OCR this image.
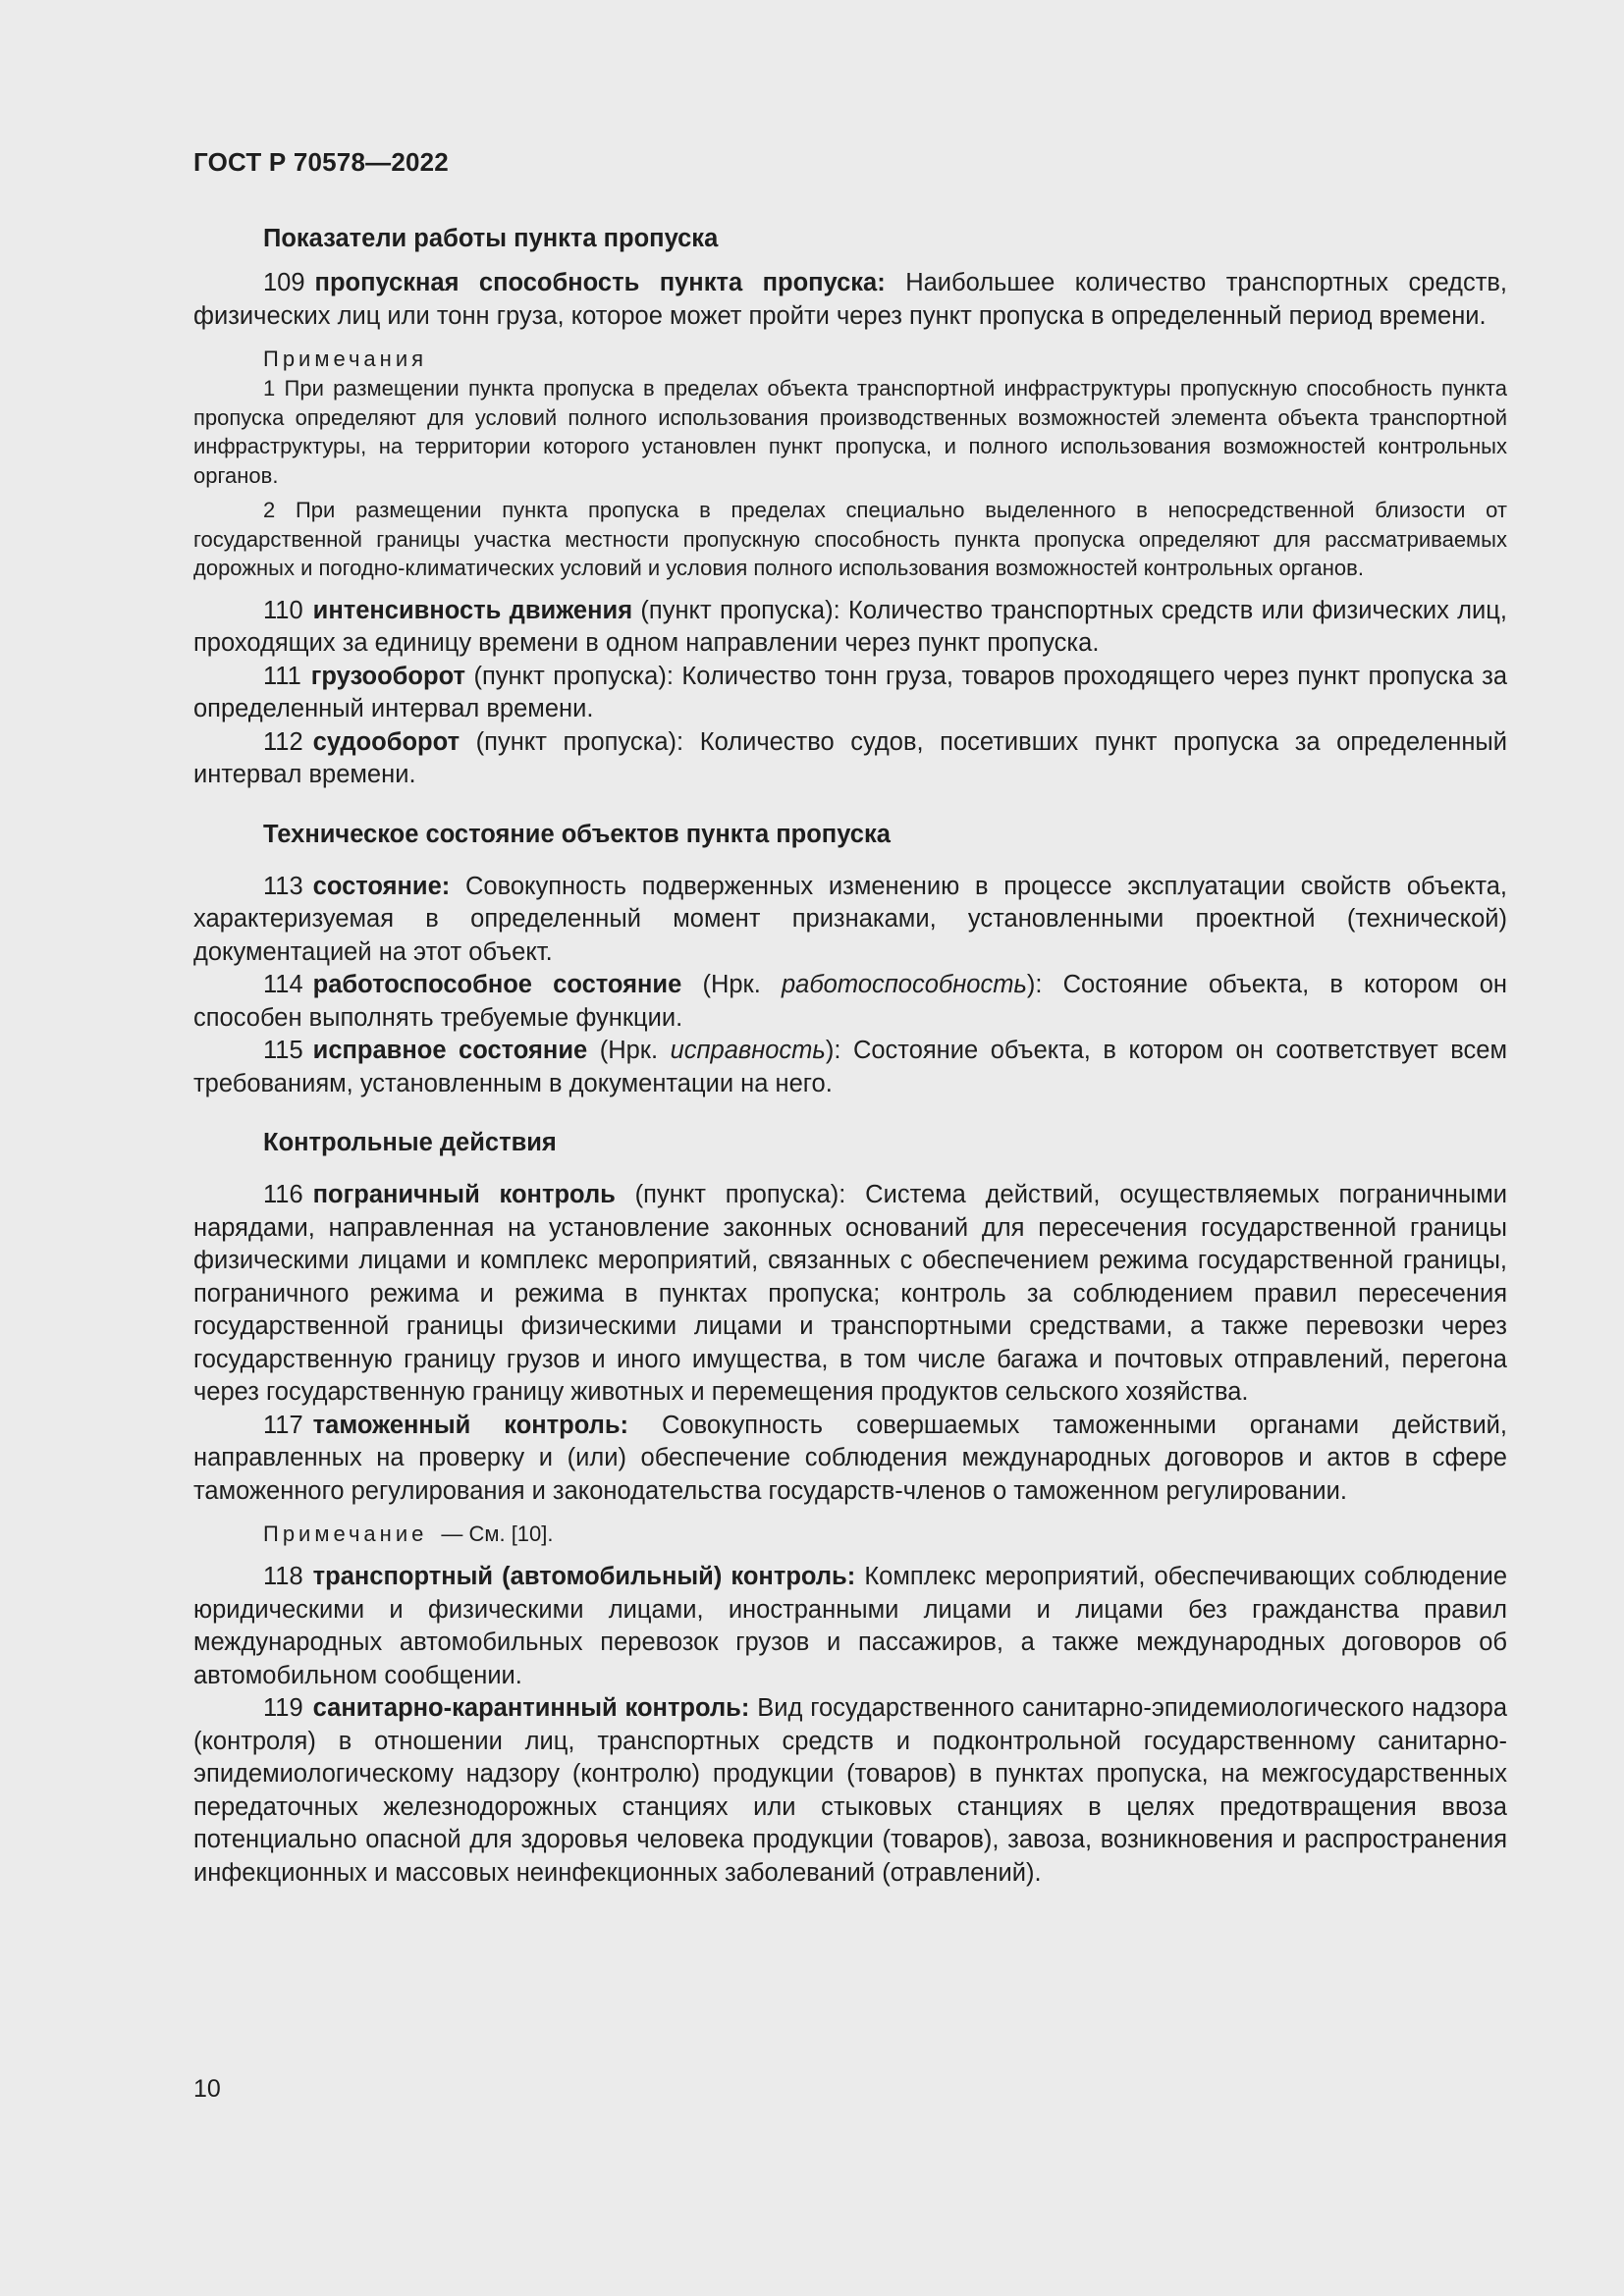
ГОСТ Р 70578—2022
Показатели работы пункта пропуска

109 пропускная способность пункта пропуска: Наибольшее количество транспортных средств, физических лиц или тонн груза, которое может пройти через пункт пропуска в определенный период времени.

Примечания

1 При размещении пункта пропуска в пределах объекта транспортной инфраструктуры пропускную способность пункта пропуска определяют для условий полного использования производственных возможностей элемента объекта транспортной инфраструктуры, на территории которого установлен пункт пропуска, и полного использования возможностей контрольных органов.

2 При размещении пункта пропуска в пределах специально выделенного в непосредственной близости от государственной границы участка местности пропускную способность пункта пропуска определяют для рассматриваемых дорожных и погодно-климатических условий и условия полного использования возможностей контрольных органов.

110 интенсивность движения (пункт пропуска): Количество транспортных средств или физических лиц, проходящих за единицу времени в одном направлении через пункт пропуска.

111 грузооборот (пункт пропуска): Количество тонн груза, товаров проходящего через пункт пропуска за определенный интервал времени.

112 судооборот (пункт пропуска): Количество судов, посетивших пункт пропуска за определенный интервал времени.

Техническое состояние объектов пункта пропуска

113 состояние: Совокупность подверженных изменению в процессе эксплуатации свойств объекта, характеризуемая в определенный момент признаками, установленными проектной (технической) документацией на этот объект.

114 работоспособное состояние (Нрк. работоспособность): Состояние объекта, в котором он способен выполнять требуемые функции.

115 исправное состояние (Нрк. исправность): Состояние объекта, в котором он соответствует всем требованиям, установленным в документации на него.

Контрольные действия

116 пограничный контроль (пункт пропуска): Система действий, осуществляемых пограничными нарядами, направленная на установление законных оснований для пересечения государственной границы физическими лицами и комплекс мероприятий, связанных с обеспечением режима государственной границы, пограничного режима и режима в пунктах пропуска; контроль за соблюдением правил пересечения государственной границы физическими лицами и транспортными средствами, а также перевозки через государственную границу грузов и иного имущества, в том числе багажа и почтовых отправлений, перегона через государственную границу животных и перемещения продуктов сельского хозяйства.

117 таможенный контроль: Совокупность совершаемых таможенными органами действий, направленных на проверку и (или) обеспечение соблюдения международных договоров и актов в сфере таможенного регулирования и законодательства государств-членов о таможенном регулировании.

Примечание — См. [10].

118 транспортный (автомобильный) контроль: Комплекс мероприятий, обеспечивающих соблюдение юридическими и физическими лицами, иностранными лицами и лицами без гражданства правил международных автомобильных перевозок грузов и пассажиров, а также международных договоров об автомобильном сообщении.

119 санитарно-карантинный контроль: Вид государственного санитарно-эпидемиологического надзора (контроля) в отношении лиц, транспортных средств и подконтрольной государственному санитарно-эпидемиологическому надзору (контролю) продукции (товаров) в пунктах пропуска, на межгосударственных передаточных железнодорожных станциях или стыковых станциях в целях предотвращения ввоза потенциально опасной для здоровья человека продукции (товаров), завоза, возникновения и распространения инфекционных и массовых неинфекционных заболеваний (отравлений).

10
